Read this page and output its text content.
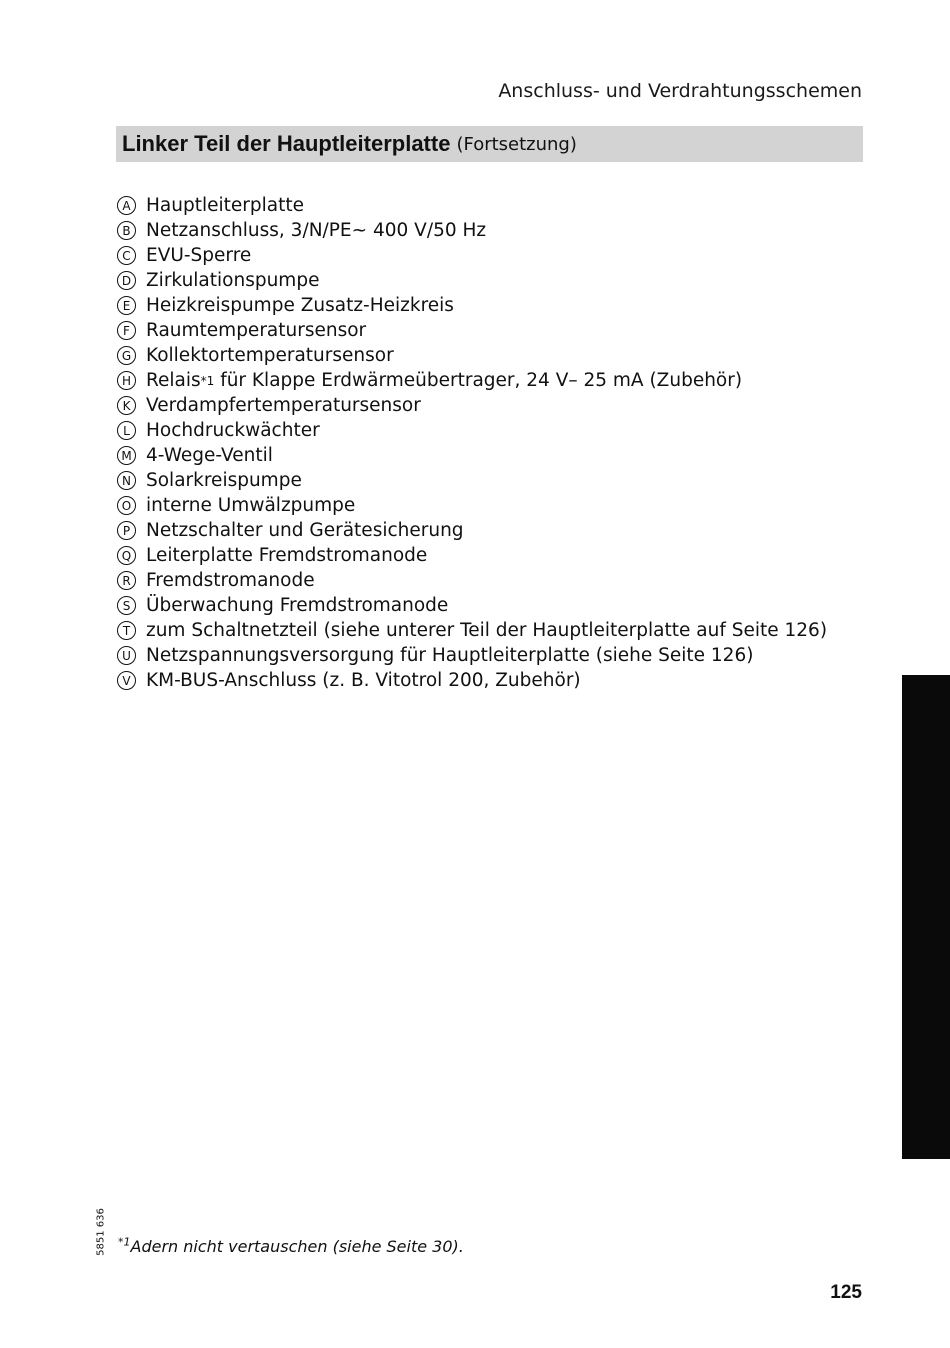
Anschluss- und Verdrahtungsschemen
Linker Teil der Hauptleiterplatte (Fortsetzung)
A Hauptleiterplatte
B Netzanschluss, 3/N/PE~ 400 V/50 Hz
C EVU-Sperre
D Zirkulationspumpe
E Heizkreispumpe Zusatz-Heizkreis
F Raumtemperatursensor
G Kollektortemperatursensor
H Relais *1 für Klappe Erdwärmeübertrager, 24 V– 25 mA (Zubehör)
K Verdampfertemperatursensor
L Hochdruckwächter
M 4-Wege-Ventil
N Solarkreispumpe
O interne Umwälzpumpe
P Netzschalter und Gerätesicherung
Q Leiterplatte Fremdstromanode
R Fremdstromanode
S Überwachung Fremdstromanode
T zum Schaltnetzteil (siehe unterer Teil der Hauptleiterplatte auf Seite 126)
U Netzspannungsversorgung für Hauptleiterplatte (siehe Seite 126)
V KM-BUS-Anschluss (z. B. Vitotrol 200, Zubehör)
Service
5851 636 $^{*1}$Adern nicht vertauschen (siehe Seite 30).
125
